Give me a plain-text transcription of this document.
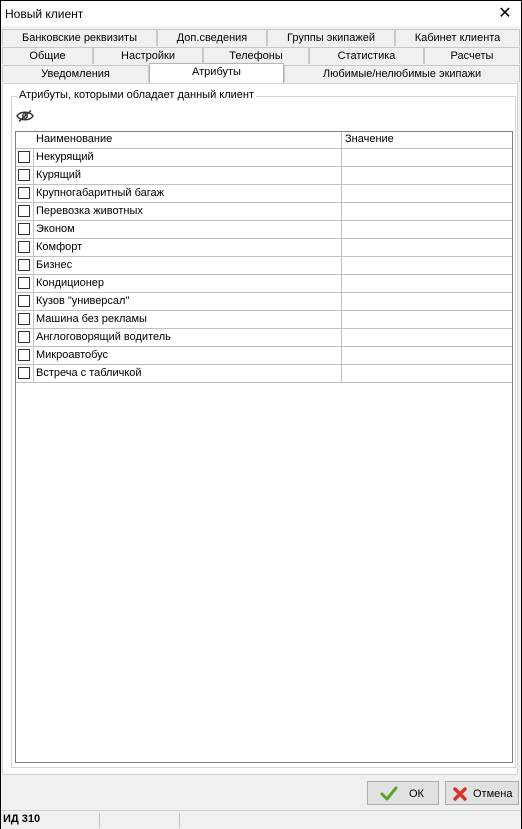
Новый клиент	✕
Банковские реквизиты	Доп.сведения	Группы экипажей	Кабинет клиента
Общие	Настройки	Телефоны	Статистика	Расчеты
Уведомления	Атрибуты	Любимые/нелюбимые экипажи
Атрибуты, которыми обладает данный клиент
Наименование	Значение
Некурящий
Курящий
Крупногабаритный багаж
Перевозка животных
Эконом
Комфорт
Бизнес
Кондиционер
Кузов "универсал"
Машина без рекламы
Англоговорящий водитель
Микроавтобус
Встреча с табличкой
ОК	Отмена
ИД 310
